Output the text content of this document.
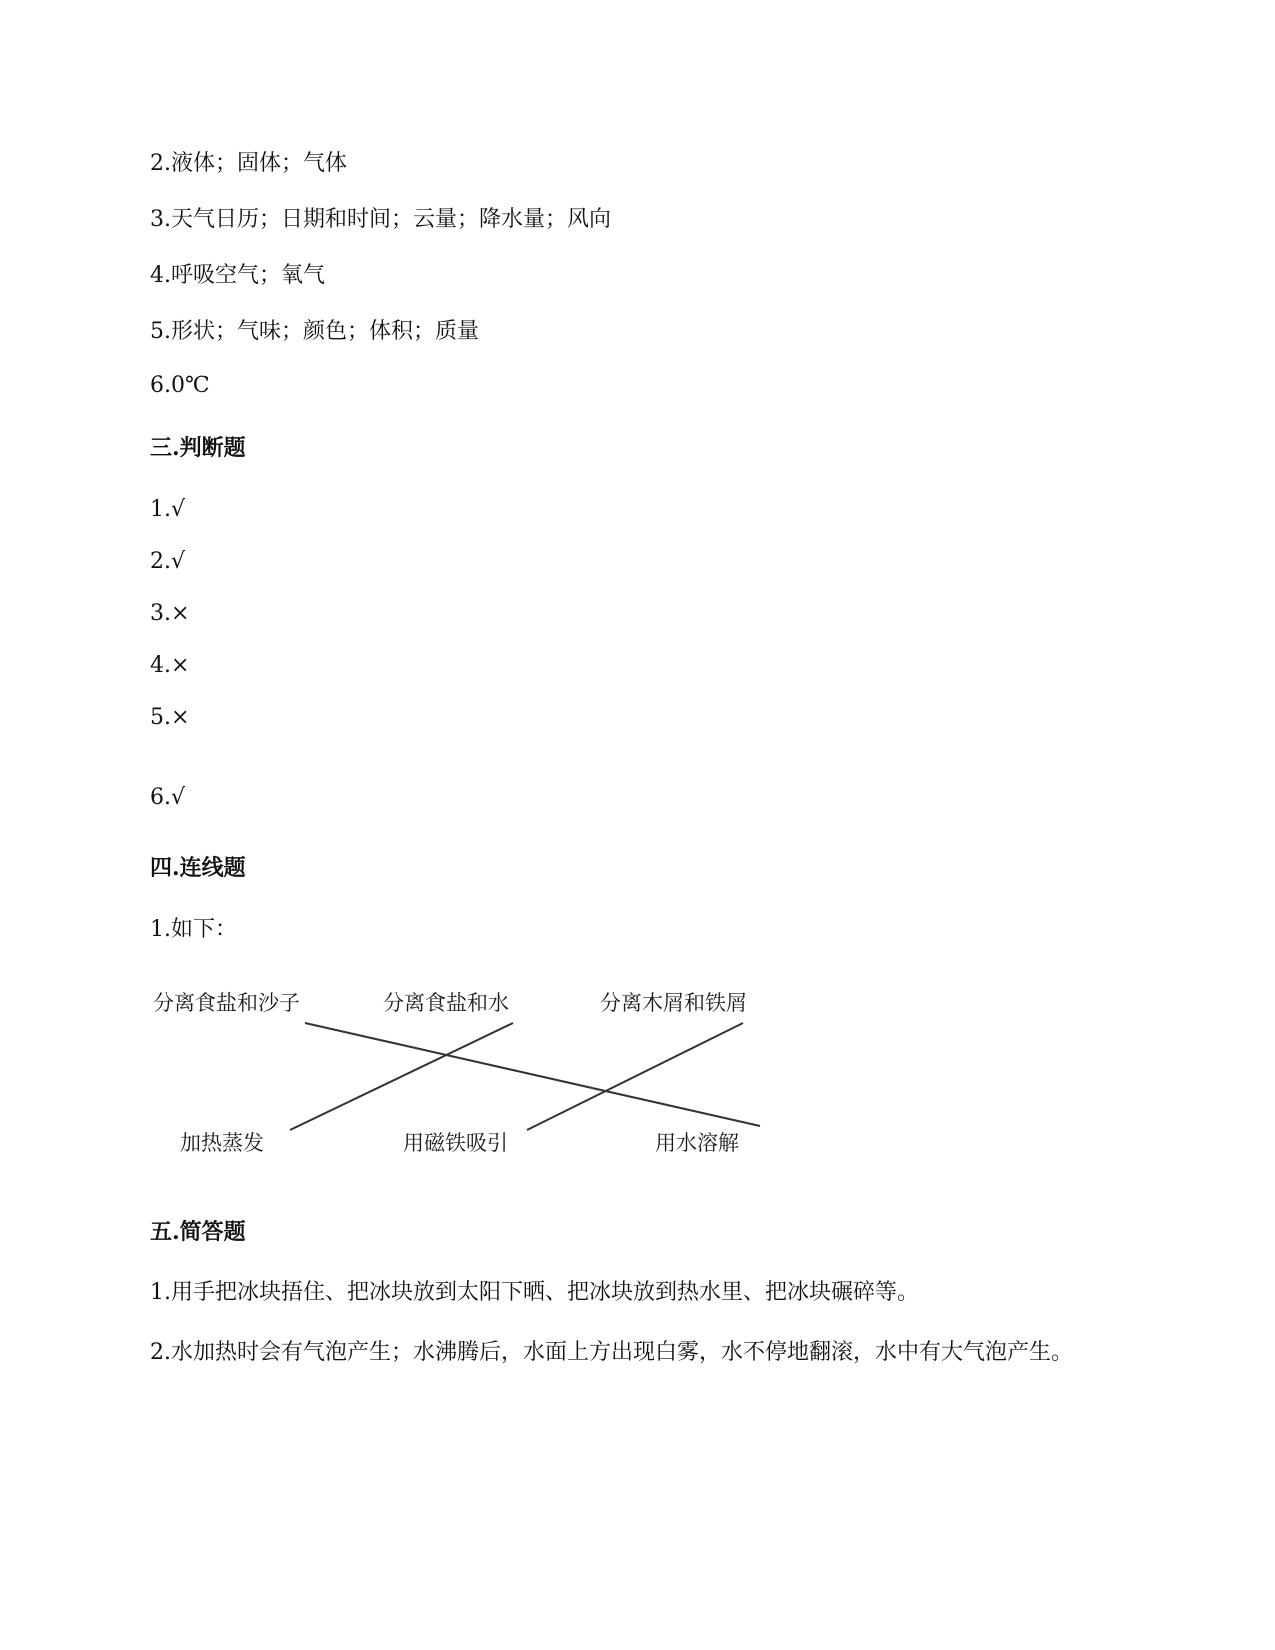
2.液体；固体；气体
3.天气日历；日期和时间；云量；降水量；风向
4.呼吸空气；氧气
5.形状；气味；颜色；体积；质量
6.0℃
三.判断题
1.√
2.√
3.×
4.×
5.×
6.√
四.连线题
1.如下：
分离食盐和沙子	分离食盐和水	分离木屑和铁屑
加热蒸发	用磁铁吸引	用水溶解
五.简答题
1.用手把冰块捂住、把冰块放到太阳下晒、把冰块放到热水里、把冰块碾碎等。
2.水加热时会有气泡产生；水沸腾后，水面上方出现白雾，水不停地翻滚，水中有大气泡产生。
